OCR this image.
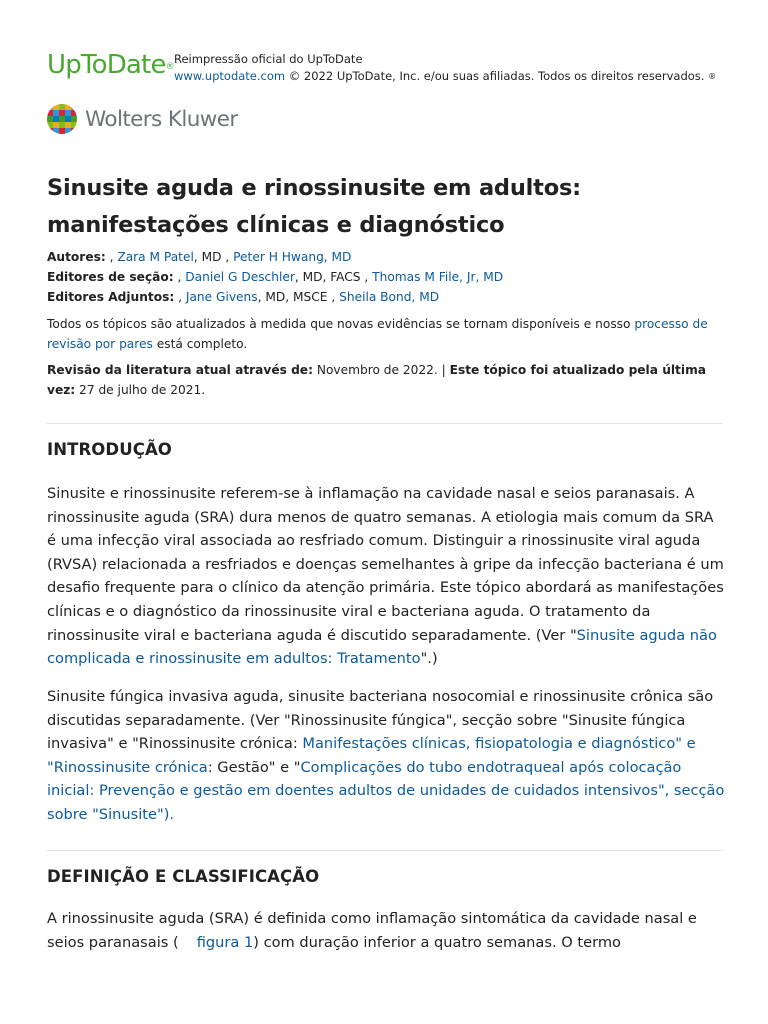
UpToDate®
Reimpressão oficial do UpToDate
www.uptodate.com © 2022 UpToDate, Inc. e/ou suas afiliadas. Todos os direitos reservados. ®
Wolters Kluwer
Sinusite aguda e rinossinusite em adultos:
manifestações clínicas e diagnóstico
Autores: , Zara M Patel, MD , Peter H Hwang, MD
Editores de seção: , Daniel G Deschler, MD, FACS , Thomas M File, Jr, MD
Editores Adjuntos: , Jane Givens, MD, MSCE , Sheila Bond, MD
Todos os tópicos são atualizados à medida que novas evidências se tornam disponíveis e nosso processo de revisão por pares está completo.
Revisão da literatura atual através de: Novembro de 2022. | Este tópico foi atualizado pela última vez: 27 de julho de 2021.
INTRODUÇÃO

Sinusite e rinossinusite referem-se à inflamação na cavidade nasal e seios paranasais. A rinossinusite aguda (SRA) dura menos de quatro semanas. A etiologia mais comum da SRA é uma infecção viral associada ao resfriado comum. Distinguir a rinossinusite viral aguda (RVSA) relacionada a resfriados e doenças semelhantes à gripe da infecção bacteriana é um desafio frequente para o clínico da atenção primária. Este tópico abordará as manifestações clínicas e o diagnóstico da rinossinusite viral e bacteriana aguda. O tratamento da rinossinusite viral e bacteriana aguda é discutido separadamente. (Ver "Sinusite aguda não complicada e rinossinusite em adultos: Tratamento".)

Sinusite fúngica invasiva aguda, sinusite bacteriana nosocomial e rinossinusite crônica são discutidas separadamente. (Ver "Rinossinusite fúngica", secção sobre "Sinusite fúngica invasiva" e "Rinossinusite crónica: Manifestações clínicas, fisiopatologia e diagnóstico" e "Rinossinusite crónica: Gestão" e "Complicações do tubo endotraqueal após colocação inicial: Prevenção e gestão em doentes adultos de unidades de cuidados intensivos", secção sobre "Sinusite").

DEFINIÇÃO E CLASSIFICAÇÃO

A rinossinusite aguda (SRA) é definida como inflamação sintomática da cavidade nasal e seios paranasais ( figura 1) com duração inferior a quatro semanas. O termo
